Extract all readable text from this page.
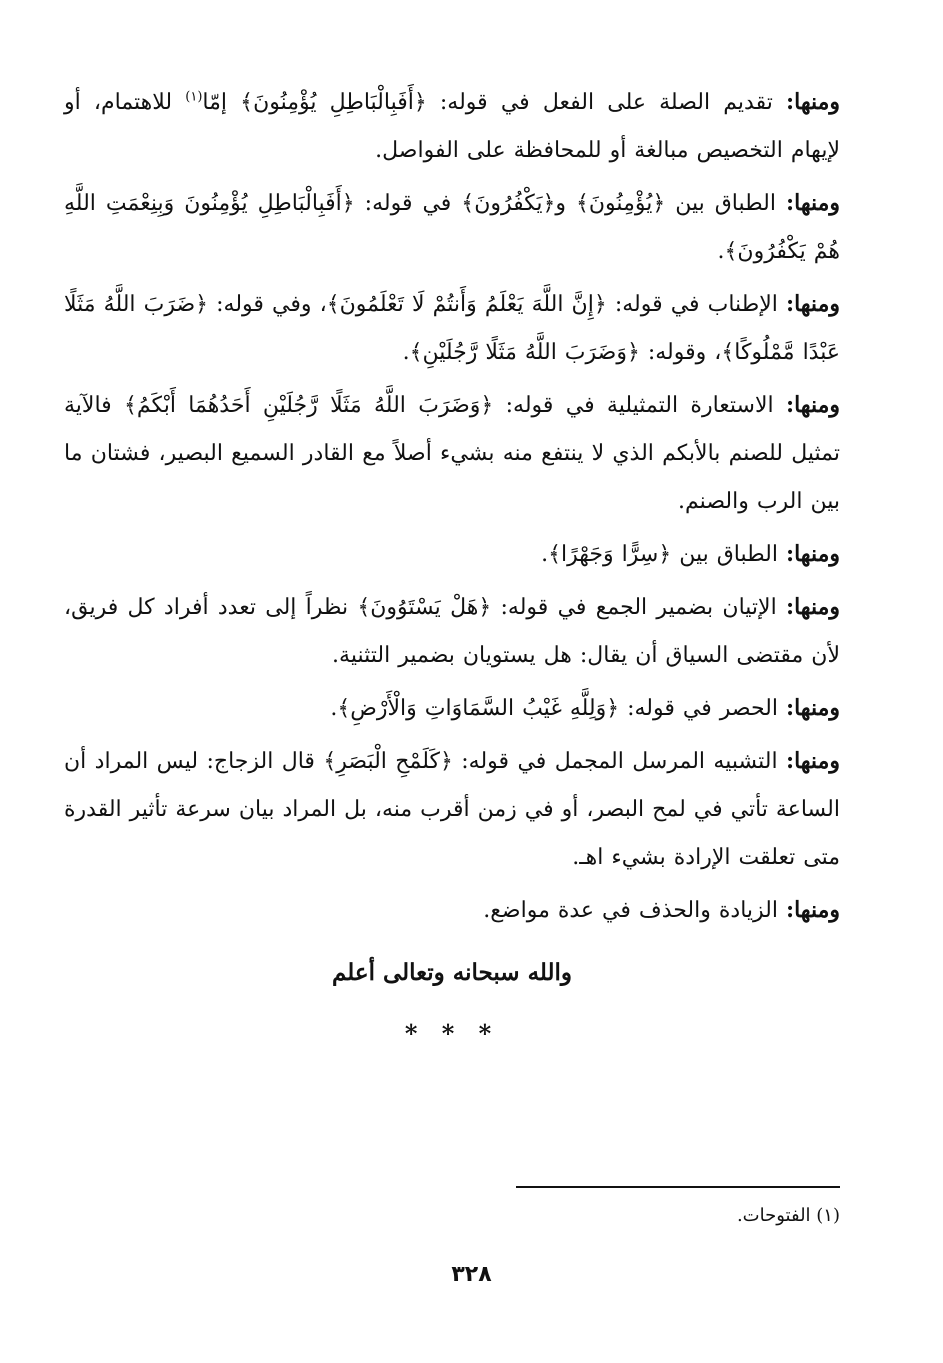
ومنها: تقديم الصلة على الفعل في قوله: ﴿أَفَبِالْبَاطِلِ يُؤْمِنُونَ﴾ إمّا$^{(١)}$ للاهتمام، أو لإيهام التخصيص مبالغة أو للمحافظة على الفواصل.

ومنها: الطباق بين ﴿يُؤْمِنُونَ﴾ و﴿يَكْفُرُونَ﴾ في قوله: ﴿أَفَبِالْبَاطِلِ يُؤْمِنُونَ وَبِنِعْمَتِ اللَّهِ هُمْ يَكْفُرُونَ﴾.

ومنها: الإطناب في قوله: ﴿إِنَّ اللَّهَ يَعْلَمُ وَأَنتُمْ لَا تَعْلَمُونَ﴾، وفي قوله: ﴿ضَرَبَ اللَّهُ مَثَلًا عَبْدًا مَّمْلُوكًا﴾، وقوله: ﴿وَضَرَبَ اللَّهُ مَثَلًا رَّجُلَيْنِ﴾.

ومنها: الاستعارة التمثيلية في قوله: ﴿وَضَرَبَ اللَّهُ مَثَلًا رَّجُلَيْنِ أَحَدُهُمَا أَبْكَمُ﴾ فالآية تمثيل للصنم بالأبكم الذي لا ينتفع منه بشيء أصلاً مع القادر السميع البصير، فشتان ما بين الرب والصنم.

ومنها: الطباق بين ﴿سِرًّا وَجَهْرًا﴾.

ومنها: الإتيان بضمير الجمع في قوله: ﴿هَلْ يَسْتَوُونَ﴾ نظراً إلى تعدد أفراد كل فريق، لأن مقتضى السياق أن يقال: هل يستويان بضمير التثنية.

ومنها: الحصر في قوله: ﴿وَلِلَّهِ غَيْبُ السَّمَاوَاتِ وَالْأَرْضِ﴾.

ومنها: التشبيه المرسل المجمل في قوله: ﴿كَلَمْحِ الْبَصَرِ﴾ قال الزجاج: ليس المراد أن الساعة تأتي في لمح البصر، أو في زمن أقرب منه، بل المراد بيان سرعة تأثير القدرة متى تعلقت الإرادة بشيء اهـ.

ومنها: الزيادة والحذف في عدة مواضع.

والله سبحانه وتعالى أعلم
* * *
(١) الفتوحات.
٣٢٨
